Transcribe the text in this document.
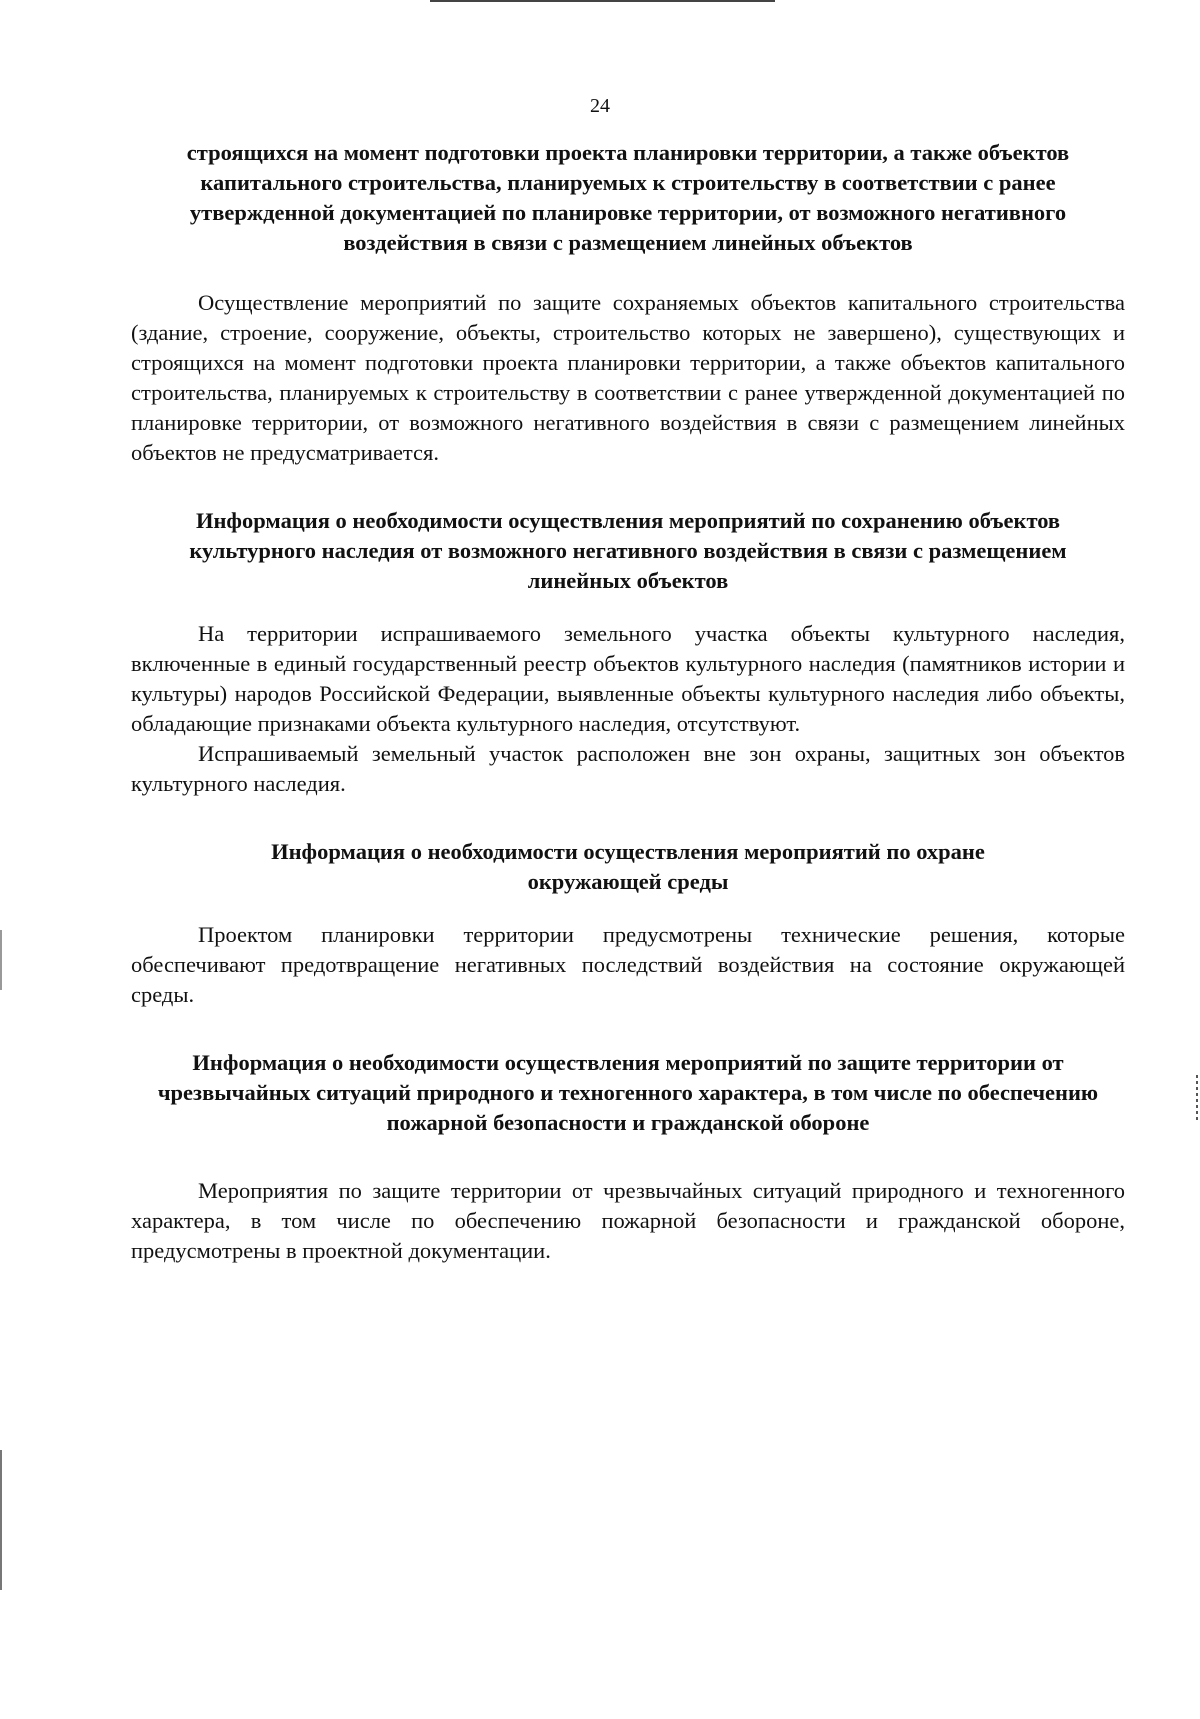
24

строящихся на момент подготовки проекта планировки территории, а также объектов капитального строительства, планируемых к строительству в соответствии с ранее утвержденной документацией по планировке территории, от возможного негативного воздействия в связи с размещением линейных объектов

Осуществление мероприятий по защите сохраняемых объектов капитального строительства (здание, строение, сооружение, объекты, строительство которых не завершено), существующих и строящихся на момент подготовки проекта планировки территории, а также объектов капитального строительства, планируемых к строительству в соответствии с ранее утвержденной документацией по планировке территории, от возможного негативного воздействия в связи с размещением линейных объектов не предусматривается.

Информация о необходимости осуществления мероприятий по сохранению объектов культурного наследия от возможного негативного воздействия в связи с размещением линейных объектов

На территории испрашиваемого земельного участка объекты культурного наследия, включенные в единый государственный реестр объектов культурного наследия (памятников истории и культуры) народов Российской Федерации, выявленные объекты культурного наследия либо объекты, обладающие признаками объекта культурного наследия, отсутствуют.

Испрашиваемый земельный участок расположен вне зон охраны, защитных зон объектов культурного наследия.

Информация о необходимости осуществления мероприятий по охране окружающей среды

Проектом планировки территории предусмотрены технические решения, которые обеспечивают предотвращение негативных последствий воздействия на состояние окружающей среды.

Информация о необходимости осуществления мероприятий по защите территории от чрезвычайных ситуаций природного и техногенного характера, в том числе по обеспечению пожарной безопасности и гражданской обороне

Мероприятия по защите территории от чрезвычайных ситуаций природного и техногенного характера, в том числе по обеспечению пожарной безопасности и гражданской обороне, предусмотрены в проектной документации.
